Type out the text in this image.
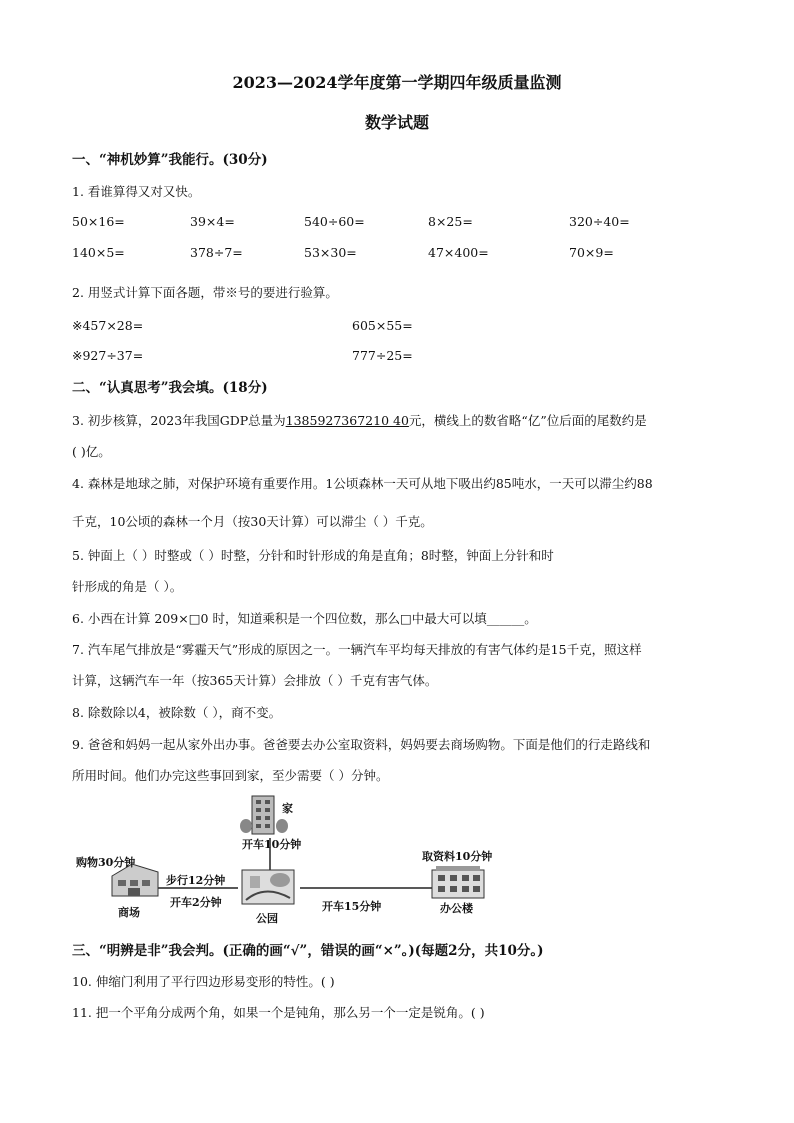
2023—2024学年度第一学期四年级质量监测
数学试题
一、“神机妙算”我能行。(30分)
1. 看谁算得又对又快。
50×16=	39×4=	540÷60=	8×25=	320÷40=
140×5=	378÷7=	53×30=	47×400=	70×9=
2. 用竖式计算下面各题，带※号的要进行验算。
※457×28=	605×55=
※927÷37=	777÷25=
二、“认真思考”我会填。(18分)
3. 初步核算，2023年我国GDP总量为1385927367210 40元，横线上的数省略“亿”位后面的尾数约是
( )亿。
4. 森林是地球之肺，对保护环境有重要作用。1公顷森林一天可从地下吸出约85吨水，一天可以滞尘约88
千克，10公顷的森林一个月（按30天计算）可以滞尘（ ）千克。
5. 钟面上（ ）时整或（ ）时整，分针和时针形成的角是直角；8时整，钟面上分针和时
针形成的角是（ ）。
6. 小西在计算 209×□0 时，知道乘积是一个四位数，那么□中最大可以填______。
7. 汽车尾气排放是“雾霾天气”形成的原因之一。一辆汽车平均每天排放的有害气体约是15千克，照这样
计算，这辆汽车一年（按365天计算）会排放（ ）千克有害气体。
8. 除数除以4，被除数（ ），商不变。
9. 爸爸和妈妈一起从家外出办事。爸爸要去办公室取资料，妈妈要去商场购物。下面是他们的行走路线和
所用时间。他们办完这些事回到家，至少需要（ ）分钟。
家
开车10分钟
购物30分钟
步行12分钟
开车2分钟
商场	公园
开车15分钟
取资料10分钟
办公楼
三、“明辨是非”我会判。(正确的画“√”，错误的画“×”。)(每题2分，共10分。)
10. 伸缩门利用了平行四边形易变形的特性。( )
11. 把一个平角分成两个角，如果一个是钝角，那么另一个一定是锐角。( )
